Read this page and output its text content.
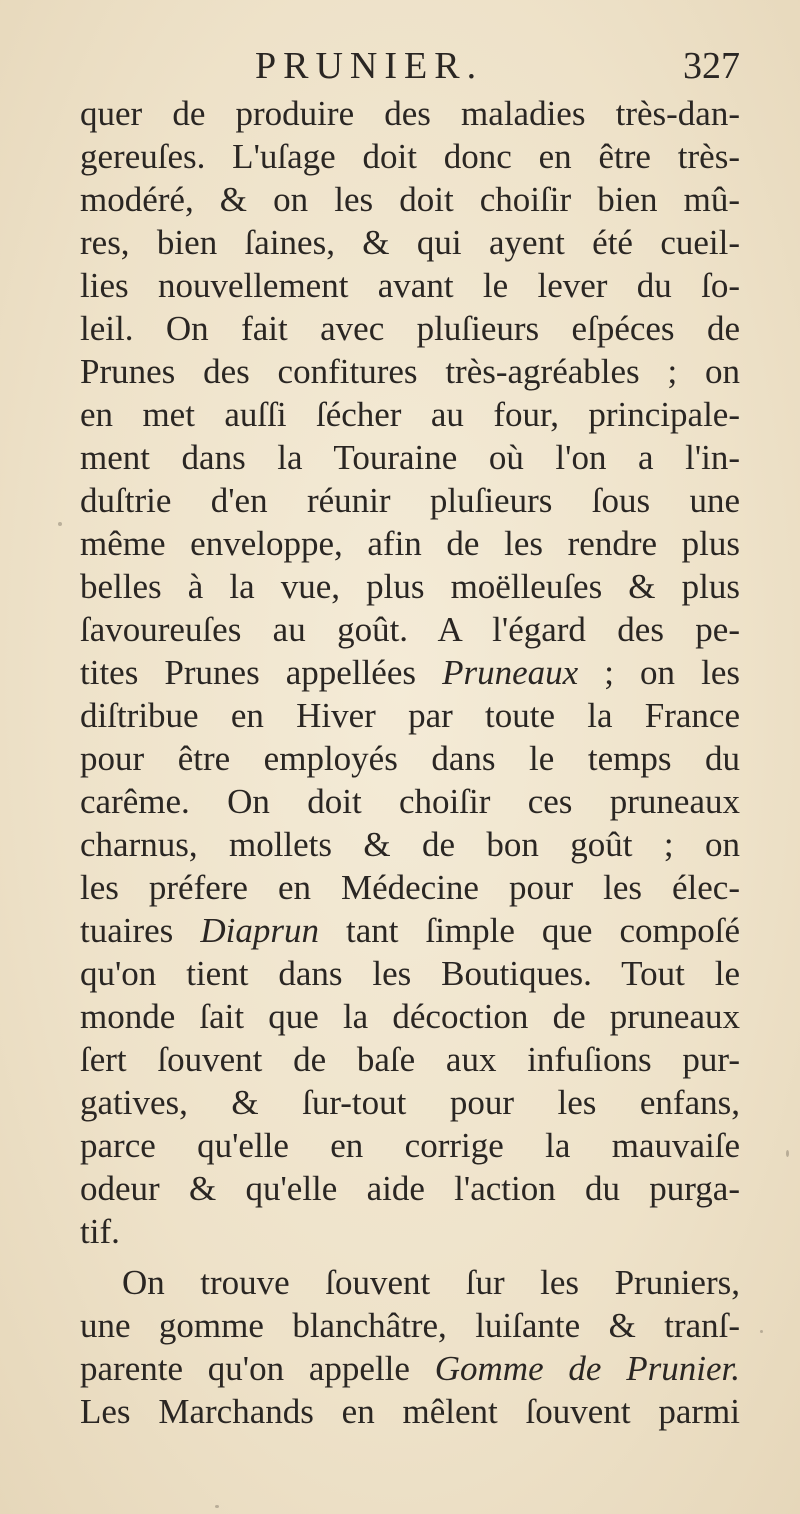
PRUNIER.	327
quer de produire des maladies très-dan-
gereuſes. L'uſage doit donc en être très-
modéré, & on les doit choiſir bien mû-
res, bien ſaines, & qui ayent été cueil-
lies nouvellement avant le lever du ſo-
leil. On fait avec pluſieurs eſpéces de
Prunes des confitures très-agréables ; on
en met auſſi ſécher au four, principale-
ment dans la Touraine où l'on a l'in-
duſtrie d'en réunir pluſieurs ſous une
même enveloppe, afin de les rendre plus
belles à la vue, plus moëlleuſes & plus
ſavoureuſes au goût. A l'égard des pe-
tites Prunes appellées Pruneaux ; on les
diſtribue en Hiver par toute la France
pour être employés dans le temps du
carême. On doit choiſir ces pruneaux
charnus, mollets & de bon goût ; on
les préfere en Médecine pour les élec-
tuaires Diaprun tant ſimple que compoſé
qu'on tient dans les Boutiques. Tout le
monde ſait que la décoction de pruneaux
ſert ſouvent de baſe aux infuſions pur-
gatives, & ſur-tout pour les enfans,
parce qu'elle en corrige la mauvaiſe
odeur & qu'elle aide l'action du purga-
tif.
On trouve ſouvent ſur les Pruniers,
une gomme blanchâtre, luiſante & tranſ-
parente qu'on appelle Gomme de Prunier.
Les Marchands en mêlent ſouvent parmi
